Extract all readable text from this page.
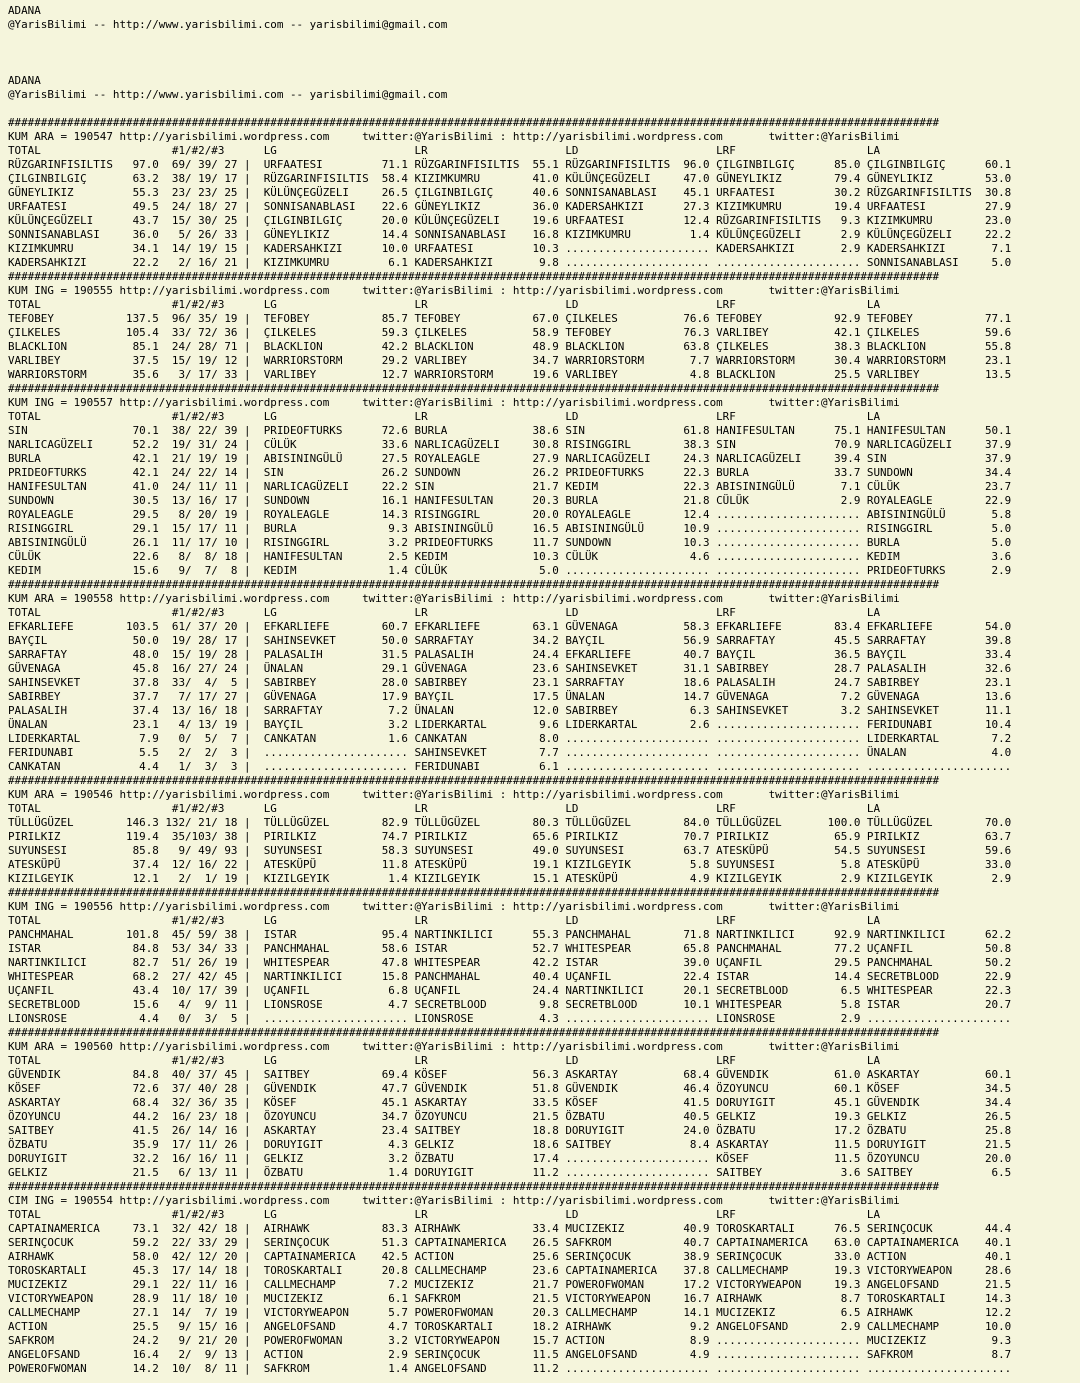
ADANA
@YarisBilimi -- http://www.yarisbilimi.com -- yarisbilimi@gmail.com
ADANA
@YarisBilimi -- http://www.yarisbilimi.com -- yarisbilimi@gmail.com
##############################################################################################################################################
KUM ARA = 190547 http://yarisbilimi.wordpress.com     twitter:@YarisBilimi : http://yarisbilimi.wordpress.com       twitter:@YarisBilimi
TOTAL                    #1/#2/#3      LG                     LR                     LD                     LRF                    LA
RÜZGARINFISILTIS   97.0  69/ 39/ 27 |  URFAATESI         71.1 RÜZGARINFISILTIS  55.1 RÜZGARINFISILTIS  96.0 ÇILGINBILGIÇ      85.0 ÇILGINBILGIÇ      60.1
ÇILGINBILGIÇ       63.2  38/ 19/ 17 |  RÜZGARINFISILTIS  58.4 KIZIMKUMRU        41.0 KÜLÜNÇEGÜZELI     47.0 GÜNEYLIKIZ        79.4 GÜNEYLIKIZ        53.0
GÜNEYLIKIZ         55.3  23/ 23/ 25 |  KÜLÜNÇEGÜZELI     26.5 ÇILGINBILGIÇ      40.6 SONNISANABLASI    45.1 URFAATESI         30.2 RÜZGARINFISILTIS  30.8
URFAATESI          49.5  24/ 18/ 27 |  SONNISANABLASI    22.6 GÜNEYLIKIZ        36.0 KADERSAHKIZI      27.3 KIZIMKUMRU        19.4 URFAATESI         27.9
KÜLÜNÇEGÜZELI      43.7  15/ 30/ 25 |  ÇILGINBILGIÇ      20.0 KÜLÜNÇEGÜZELI     19.6 URFAATESI         12.4 RÜZGARINFISILTIS   9.3 KIZIMKUMRU        23.0
SONNISANABLASI     36.0   5/ 26/ 33 |  GÜNEYLIKIZ        14.4 SONNISANABLASI    16.8 KIZIMKUMRU         1.4 KÜLÜNÇEGÜZELI      2.9 KÜLÜNÇEGÜZELI     22.2
KIZIMKUMRU         34.1  14/ 19/ 15 |  KADERSAHKIZI      10.0 URFAATESI         10.3 ...................... KADERSAHKIZI       2.9 KADERSAHKIZI       7.1
KADERSAHKIZI       22.2   2/ 16/ 21 |  KIZIMKUMRU         6.1 KADERSAHKIZI       9.8 ...................... ...................... SONNISANABLASI     5.0
##############################################################################################################################################
KUM ING = 190555 http://yarisbilimi.wordpress.com     twitter:@YarisBilimi : http://yarisbilimi.wordpress.com       twitter:@YarisBilimi
TOTAL                    #1/#2/#3      LG                     LR                     LD                     LRF                    LA
TEFOBEY           137.5  96/ 35/ 19 |  TEFOBEY           85.7 TEFOBEY           67.0 ÇILKELES          76.6 TEFOBEY           92.9 TEFOBEY           77.1
ÇILKELES          105.4  33/ 72/ 36 |  ÇILKELES          59.3 ÇILKELES          58.9 TEFOBEY           76.3 VARLIBEY          42.1 ÇILKELES          59.6
BLACKLION          85.1  24/ 28/ 71 |  BLACKLION         42.2 BLACKLION         48.9 BLACKLION         63.8 ÇILKELES          38.3 BLACKLION         55.8
VARLIBEY           37.5  15/ 19/ 12 |  WARRIORSTORM      29.2 VARLIBEY          34.7 WARRIORSTORM       7.7 WARRIORSTORM      30.4 WARRIORSTORM      23.1
WARRIORSTORM       35.6   3/ 17/ 33 |  VARLIBEY          12.7 WARRIORSTORM      19.6 VARLIBEY           4.8 BLACKLION         25.5 VARLIBEY          13.5
##############################################################################################################################################
KUM ING = 190557 http://yarisbilimi.wordpress.com     twitter:@YarisBilimi : http://yarisbilimi.wordpress.com       twitter:@YarisBilimi
TOTAL                    #1/#2/#3      LG                     LR                     LD                     LRF                    LA
SIN                70.1  38/ 22/ 39 |  PRIDEOFTURKS      72.6 BURLA             38.6 SIN               61.8 HANIFESULTAN      75.1 HANIFESULTAN      50.1
NARLICAGÜZELI      52.2  19/ 31/ 24 |  CÜLÜK             33.6 NARLICAGÜZELI     30.8 RISINGGIRL        38.3 SIN               70.9 NARLICAGÜZELI     37.9
BURLA              42.1  21/ 19/ 19 |  ABISININGÜLÜ      27.5 ROYALEAGLE        27.9 NARLICAGÜZELI     24.3 NARLICAGÜZELI     39.4 SIN               37.9
PRIDEOFTURKS       42.1  24/ 22/ 14 |  SIN               26.2 SUNDOWN           26.2 PRIDEOFTURKS      22.3 BURLA             33.7 SUNDOWN           34.4
HANIFESULTAN       41.0  24/ 11/ 11 |  NARLICAGÜZELI     22.2 SIN               21.7 KEDIM             22.3 ABISININGÜLÜ       7.1 CÜLÜK             23.7
SUNDOWN            30.5  13/ 16/ 17 |  SUNDOWN           16.1 HANIFESULTAN      20.3 BURLA             21.8 CÜLÜK              2.9 ROYALEAGLE        22.9
ROYALEAGLE         29.5   8/ 20/ 19 |  ROYALEAGLE        14.3 RISINGGIRL        20.0 ROYALEAGLE        12.4 ...................... ABISININGÜLÜ       5.8
RISINGGIRL         29.1  15/ 17/ 11 |  BURLA              9.3 ABISININGÜLÜ      16.5 ABISININGÜLÜ      10.9 ...................... RISINGGIRL         5.0
ABISININGÜLÜ       26.1  11/ 17/ 10 |  RISINGGIRL         3.2 PRIDEOFTURKS      11.7 SUNDOWN           10.3 ...................... BURLA              5.0
CÜLÜK              22.6   8/  8/ 18 |  HANIFESULTAN       2.5 KEDIM             10.3 CÜLÜK              4.6 ...................... KEDIM              3.6
KEDIM              15.6   9/  7/  8 |  KEDIM              1.4 CÜLÜK              5.0 ...................... ...................... PRIDEOFTURKS       2.9
##############################################################################################################################################
KUM ARA = 190558 http://yarisbilimi.wordpress.com     twitter:@YarisBilimi : http://yarisbilimi.wordpress.com       twitter:@YarisBilimi
TOTAL                    #1/#2/#3      LG                     LR                     LD                     LRF                    LA
EFKARLIEFE        103.5  61/ 37/ 20 |  EFKARLIEFE        60.7 EFKARLIEFE        63.1 GÜVENAGA          58.3 EFKARLIEFE        83.4 EFKARLIEFE        54.0
BAYÇIL             50.0  19/ 28/ 17 |  SAHINSEVKET       50.0 SARRAFTAY         34.2 BAYÇIL            56.9 SARRAFTAY         45.5 SARRAFTAY         39.8
SARRAFTAY          48.0  15/ 19/ 28 |  PALASALIH         31.5 PALASALIH         24.4 EFKARLIEFE        40.7 BAYÇIL            36.5 BAYÇIL            33.4
GÜVENAGA           45.8  16/ 27/ 24 |  ÜNALAN            29.1 GÜVENAGA          23.6 SAHINSEVKET       31.1 SABIRBEY          28.7 PALASALIH         32.6
SAHINSEVKET        37.8  33/  4/  5 |  SABIRBEY          28.0 SABIRBEY          23.1 SARRAFTAY         18.6 PALASALIH         24.7 SABIRBEY          23.1
SABIRBEY           37.7   7/ 17/ 27 |  GÜVENAGA          17.9 BAYÇIL            17.5 ÜNALAN            14.7 GÜVENAGA           7.2 GÜVENAGA          13.6
PALASALIH          37.4  13/ 16/ 18 |  SARRAFTAY          7.2 ÜNALAN            12.0 SABIRBEY           6.3 SAHINSEVKET        3.2 SAHINSEVKET       11.1
ÜNALAN             23.1   4/ 13/ 19 |  BAYÇIL             3.2 LIDERKARTAL        9.6 LIDERKARTAL        2.6 ...................... FERIDUNABI        10.4
LIDERKARTAL         7.9   0/  5/  7 |  CANKATAN           1.6 CANKATAN           8.0 ...................... ...................... LIDERKARTAL        7.2
FERIDUNABI          5.5   2/  2/  3 |  ...................... SAHINSEVKET        7.7 ...................... ...................... ÜNALAN             4.0
CANKATAN            4.4   1/  3/  3 |  ...................... FERIDUNABI         6.1 ...................... ...................... ......................
##############################################################################################################################################
KUM ARA = 190546 http://yarisbilimi.wordpress.com     twitter:@YarisBilimi : http://yarisbilimi.wordpress.com       twitter:@YarisBilimi
TOTAL                    #1/#2/#3      LG                     LR                     LD                     LRF                    LA
TÜLLÜGÜZEL        146.3 132/ 21/ 18 |  TÜLLÜGÜZEL        82.9 TÜLLÜGÜZEL        80.3 TÜLLÜGÜZEL        84.0 TÜLLÜGÜZEL       100.0 TÜLLÜGÜZEL        70.0
PIRILKIZ          119.4  35/103/ 38 |  PIRILKIZ          74.7 PIRILKIZ          65.6 PIRILKIZ          70.7 PIRILKIZ          65.9 PIRILKIZ          63.7
SUYUNSESI          85.8   9/ 49/ 93 |  SUYUNSESI         58.3 SUYUNSESI         49.0 SUYUNSESI         63.7 ATESKÜPÜ          54.5 SUYUNSESI         59.6
ATESKÜPÜ           37.4  12/ 16/ 22 |  ATESKÜPÜ          11.8 ATESKÜPÜ          19.1 KIZILGEYIK         5.8 SUYUNSESI          5.8 ATESKÜPÜ          33.0
KIZILGEYIK         12.1   2/  1/ 19 |  KIZILGEYIK         1.4 KIZILGEYIK        15.1 ATESKÜPÜ           4.9 KIZILGEYIK         2.9 KIZILGEYIK         2.9
##############################################################################################################################################
KUM ING = 190556 http://yarisbilimi.wordpress.com     twitter:@YarisBilimi : http://yarisbilimi.wordpress.com       twitter:@YarisBilimi
TOTAL                    #1/#2/#3      LG                     LR                     LD                     LRF                    LA
PANCHMAHAL        101.8  45/ 59/ 38 |  ISTAR             95.4 NARTINKILICI      55.3 PANCHMAHAL        71.8 NARTINKILICI      92.9 NARTINKILICI      62.2
ISTAR              84.8  53/ 34/ 33 |  PANCHMAHAL        58.6 ISTAR             52.7 WHITESPEAR        65.8 PANCHMAHAL        77.2 UÇANFIL           50.8
NARTINKILICI       82.7  51/ 26/ 19 |  WHITESPEAR        47.8 WHITESPEAR        42.2 ISTAR             39.0 UÇANFIL           29.5 PANCHMAHAL        50.2
WHITESPEAR         68.2  27/ 42/ 45 |  NARTINKILICI      15.8 PANCHMAHAL        40.4 UÇANFIL           22.4 ISTAR             14.4 SECRETBLOOD       22.9
UÇANFIL            43.4  10/ 17/ 39 |  UÇANFIL            6.8 UÇANFIL           24.4 NARTINKILICI      20.1 SECRETBLOOD        6.5 WHITESPEAR        22.3
SECRETBLOOD        15.6   4/  9/ 11 |  LIONSROSE          4.7 SECRETBLOOD        9.8 SECRETBLOOD       10.1 WHITESPEAR         5.8 ISTAR             20.7
LIONSROSE           4.4   0/  3/  5 |  ...................... LIONSROSE          4.3 ...................... LIONSROSE          2.9 ......................
##############################################################################################################################################
KUM ARA = 190560 http://yarisbilimi.wordpress.com     twitter:@YarisBilimi : http://yarisbilimi.wordpress.com       twitter:@YarisBilimi
TOTAL                    #1/#2/#3      LG                     LR                     LD                     LRF                    LA
GÜVENDIK           84.8  40/ 37/ 45 |  SAITBEY           69.4 KÖSEF             56.3 ASKARTAY          68.4 GÜVENDIK          61.0 ASKARTAY          60.1
KÖSEF              72.6  37/ 40/ 28 |  GÜVENDIK          47.7 GÜVENDIK          51.8 GÜVENDIK          46.4 ÖZOYUNCU          60.1 KÖSEF             34.5
ASKARTAY           68.4  32/ 36/ 35 |  KÖSEF             45.1 ASKARTAY          33.5 KÖSEF             41.5 DORUYIGIT         45.1 GÜVENDIK          34.4
ÖZOYUNCU           44.2  16/ 23/ 18 |  ÖZOYUNCU          34.7 ÖZOYUNCU          21.5 ÖZBATU            40.5 GELKIZ            19.3 GELKIZ            26.5
SAITBEY            41.5  26/ 14/ 16 |  ASKARTAY          23.4 SAITBEY           18.8 DORUYIGIT         24.0 ÖZBATU            17.2 ÖZBATU            25.8
ÖZBATU             35.9  17/ 11/ 26 |  DORUYIGIT          4.3 GELKIZ            18.6 SAITBEY            8.4 ASKARTAY          11.5 DORUYIGIT         21.5
DORUYIGIT          32.2  16/ 16/ 11 |  GELKIZ             3.2 ÖZBATU            17.4 ...................... KÖSEF             11.5 ÖZOYUNCU          20.0
GELKIZ             21.5   6/ 13/ 11 |  ÖZBATU             1.4 DORUYIGIT         11.2 ...................... SAITBEY            3.6 SAITBEY            6.5
##############################################################################################################################################
CIM ING = 190554 http://yarisbilimi.wordpress.com     twitter:@YarisBilimi : http://yarisbilimi.wordpress.com       twitter:@YarisBilimi
TOTAL                    #1/#2/#3      LG                     LR                     LD                     LRF                    LA
CAPTAINAMERICA     73.1  32/ 42/ 18 |  AIRHAWK           83.3 AIRHAWK           33.4 MUCIZEKIZ         40.9 TOROSKARTALI      76.5 SERINÇOCUK        44.4
SERINÇOCUK         59.2  22/ 33/ 29 |  SERINÇOCUK        51.3 CAPTAINAMERICA    26.5 SAFKROM           40.7 CAPTAINAMERICA    63.0 CAPTAINAMERICA    40.1
AIRHAWK            58.0  42/ 12/ 20 |  CAPTAINAMERICA    42.5 ACTION            25.6 SERINÇOCUK        38.9 SERINÇOCUK        33.0 ACTION            40.1
TOROSKARTALI       45.3  17/ 14/ 18 |  TOROSKARTALI      20.8 CALLMECHAMP       23.6 CAPTAINAMERICA    37.8 CALLMECHAMP       19.3 VICTORYWEAPON     28.6
MUCIZEKIZ          29.1  22/ 11/ 16 |  CALLMECHAMP        7.2 MUCIZEKIZ         21.7 POWEROFWOMAN      17.2 VICTORYWEAPON     19.3 ANGELOFSAND       21.5
VICTORYWEAPON      28.9  11/ 18/ 10 |  MUCIZEKIZ          6.1 SAFKROM           21.5 VICTORYWEAPON     16.7 AIRHAWK            8.7 TOROSKARTALI      14.3
CALLMECHAMP        27.1  14/  7/ 19 |  VICTORYWEAPON      5.7 POWEROFWOMAN      20.3 CALLMECHAMP       14.1 MUCIZEKIZ          6.5 AIRHAWK           12.2
ACTION             25.5   9/ 15/ 16 |  ANGELOFSAND        4.7 TOROSKARTALI      18.2 AIRHAWK            9.2 ANGELOFSAND        2.9 CALLMECHAMP       10.0
SAFKROM            24.2   9/ 21/ 20 |  POWEROFWOMAN       3.2 VICTORYWEAPON     15.7 ACTION             8.9 ...................... MUCIZEKIZ          9.3
ANGELOFSAND        16.4   2/  9/ 13 |  ACTION             2.9 SERINÇOCUK        11.5 ANGELOFSAND        4.9 ...................... SAFKROM            8.7
POWEROFWOMAN       14.2  10/  8/ 11 |  SAFKROM            1.4 ANGELOFSAND       11.2 ...................... ...................... ......................
